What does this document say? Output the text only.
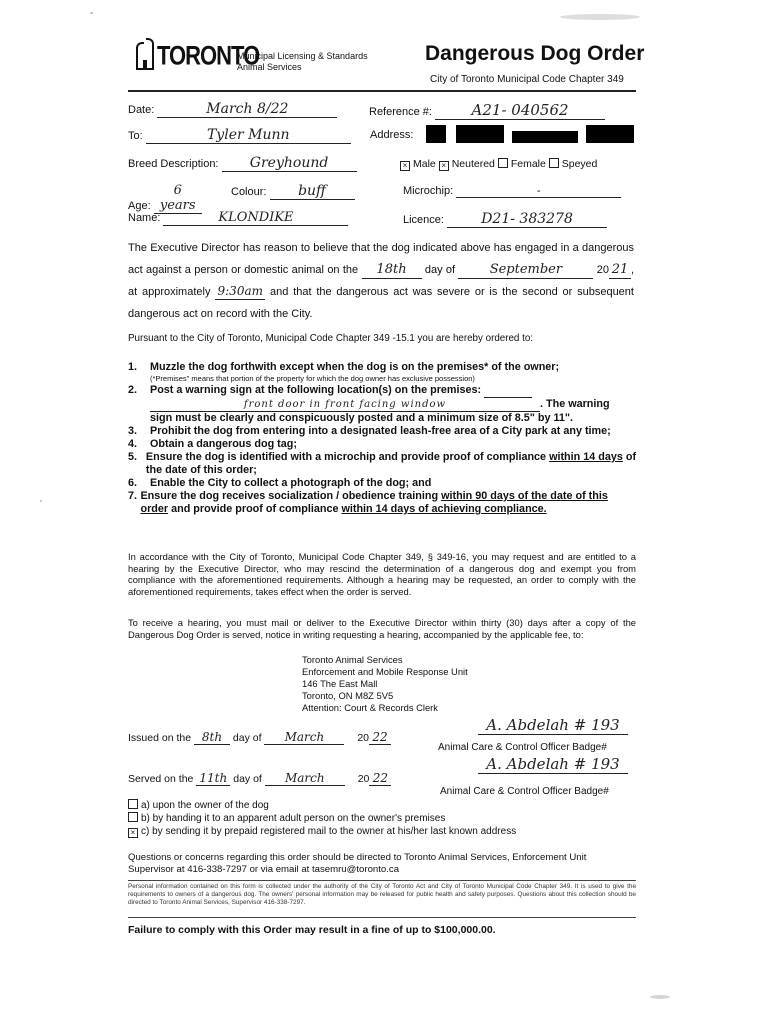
TORONTO
Municipal Licensing & Standards
Animal Services
Dangerous Dog Order
City of Toronto Municipal Code Chapter 349
Date:	March 8/22	Reference #:	A21- 040562
To:	Tyler Munn	Address:
Breed Description: Greyhound	× Male × Neutered Female Speyed
Age: 6 years
Colour: buff	Microchip:	-
Name:	KLONDIKE	Licence:	D21- 383278
The Executive Director has reason to believe that the dog indicated above has engaged in a dangerous act against a person or domestic animal on the 18th day of	September	20 21 , at approximately 9:30am and that the dangerous act was severe or is the second or subsequent dangerous act on record with the City.
Pursuant to the City of Toronto, Municipal Code Chapter 349 -15.1 you are hereby ordered to:
1.	Muzzle the dog forthwith except when the dog is on the premises* of the owner;
(*Premises" means that portion of the property for which the dog owner has exclusive possession)
2.	Post a warning sign at the following location(s) on the premises:
front door in front facing window	. The warning
sign must be clearly and conspicuously posted and a minimum size of 8.5" by 11".
3.	Prohibit the dog from entering into a designated leash-free area of a City park at any time;
4.	Obtain a dangerous dog tag;
5. Ensure the dog is identified with a microchip and provide proof of compliance within 14 days of the date of this order;
6.	Enable the City to collect a photograph of the dog; and
7. Ensure the dog receives socialization / obedience training within 90 days of the date of this order and provide proof of compliance within 14 days of achieving compliance.
In accordance with the City of Toronto, Municipal Code Chapter 349, § 349-16, you may request and are entitled to a hearing by the Executive Director, who may rescind the determination of a dangerous dog and exempt you from compliance with the aforementioned requirements. Although a hearing may be requested, an order to comply with the aforementioned requirements, takes effect when the order is served.
To receive a hearing, you must mail or deliver to the Executive Director within thirty (30) days after a copy of the Dangerous Dog Order is served, notice in writing requesting a hearing, accompanied by the applicable fee, to:
Toronto Animal Services
Enforcement and Mobile Response Unit
146 The East Mall
Toronto, ON M8Z 5V5
Attention: Court & Records Clerk
Issued on the 8th day of March	20 22
A. Abdelah # 193
Animal Care & Control Officer Badge#
Served on the 11th day of March	20 22
A. Abdelah # 193
Animal Care & Control Officer Badge#
a) upon the owner of the dog
b) by handing it to an apparent adult person on the owner's premises
× c) by sending it by prepaid registered mail to the owner at his/her last known address
Questions or concerns regarding this order should be directed to Toronto Animal Services, Enforcement Unit Supervisor at 416-338-7297 or via email at tasemru@toronto.ca
Personal information contained on this form is collected under the authority of the City of Toronto Act and City of Toronto Municipal Code Chapter 349. It is used to give the requirements to owners of a dangerous dog. The owners' personal information may be released for public health and safety purposes. Questions about this collection should be directed to Toronto Animal Services, Supervisor 416-338-7297.
Failure to comply with this Order may result in a fine of up to $100,000.00.
